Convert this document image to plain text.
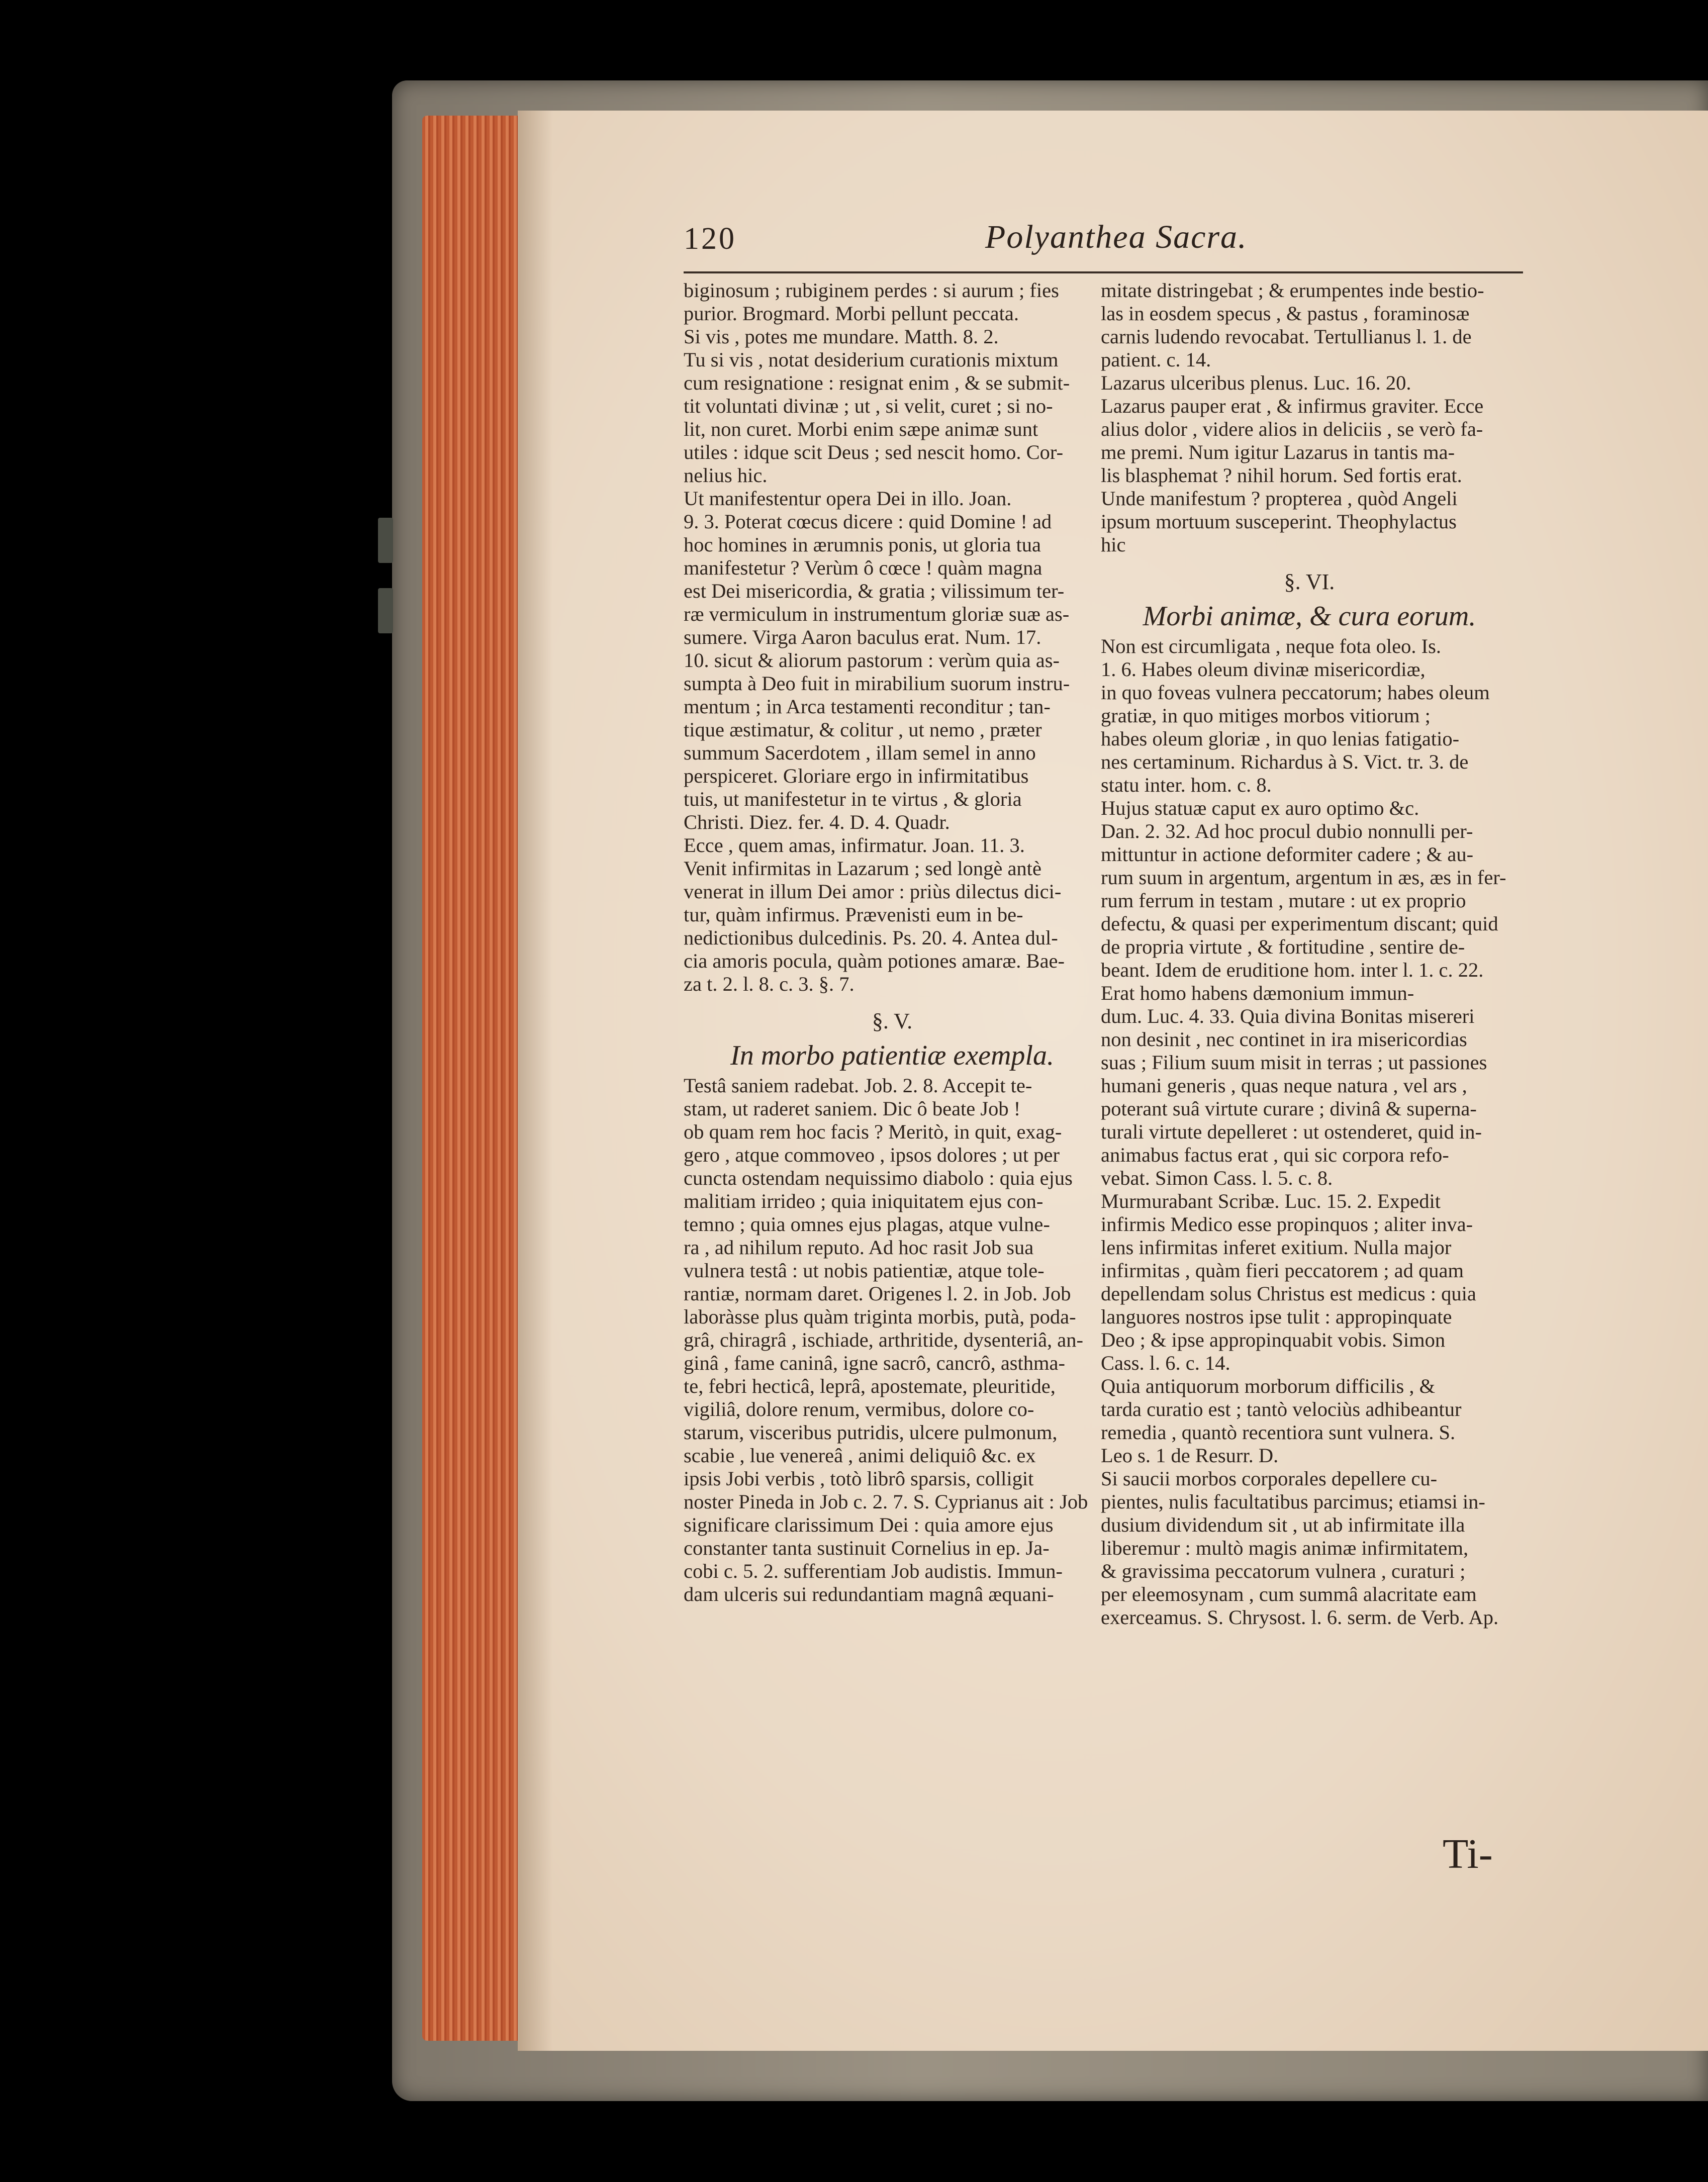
120	Polyanthea Sacra.
biginosum ; rubiginem perdes : si aurum ; fies
purior. Brogmard. Morbi pellunt peccata.
Si vis , potes me mundare. Matth. 8. 2.
Tu si vis , notat desiderium curationis mixtum
cum resignatione : resignat enim , & se submit-
tit voluntati divinæ ; ut , si velit, curet ; si no-
lit, non curet. Morbi enim sæpe animæ sunt
utiles : idque scit Deus ; sed nescit homo. Cor-
nelius hic.
Ut manifestentur opera Dei in illo. Joan.
9. 3. Poterat cœcus dicere : quid Domine ! ad
hoc homines in ærumnis ponis, ut gloria tua
manifestetur ? Verùm ô cœce ! quàm magna
est Dei misericordia, & gratia ; vilissimum ter-
ræ vermiculum in instrumentum gloriæ suæ as-
sumere. Virga Aaron baculus erat. Num. 17.
10. sicut & aliorum pastorum : verùm quia as-
sumpta à Deo fuit in mirabilium suorum instru-
mentum ; in Arca testamenti reconditur ; tan-
tique æstimatur, & colitur , ut nemo , præter
summum Sacerdotem , illam semel in anno
perspiceret. Gloriare ergo in infirmitatibus
tuis, ut manifestetur in te virtus , & gloria
Christi. Diez. fer. 4. D. 4. Quadr.
Ecce , quem amas, infirmatur. Joan. 11. 3.
Venit infirmitas in Lazarum ; sed longè antè
venerat in illum Dei amor : priùs dilectus dici-
tur, quàm infirmus. Prævenisti eum in be-
nedictionibus dulcedinis. Ps. 20. 4. Antea dul-
cia amoris pocula, quàm potiones amaræ. Bae-
za t. 2. l. 8. c. 3. §. 7.
§. V.
In morbo patientiæ exempla.
Testâ saniem radebat. Job. 2. 8. Accepit te-
stam, ut raderet saniem. Dic ô beate Job !
ob quam rem hoc facis ? Meritò, in quit, exag-
gero , atque commoveo , ipsos dolores ; ut per
cuncta ostendam nequissimo diabolo : quia ejus
malitiam irrideo ; quia iniquitatem ejus con-
temno ; quia omnes ejus plagas, atque vulne-
ra , ad nihilum reputo. Ad hoc rasit Job sua
vulnera testâ : ut nobis patientiæ, atque tole-
rantiæ, normam daret. Origenes l. 2. in Job. Job
laboràsse plus quàm triginta morbis, putà, poda-
grâ, chiragrâ , ischiade, arthritide, dysenteriâ, an-
ginâ , fame caninâ, igne sacrô, cancrô, asthma-
te, febri hecticâ, leprâ, apostemate, pleuritide,
vigiliâ, dolore renum, vermibus, dolore co-
starum, visceribus putridis, ulcere pulmonum,
scabie , lue venereâ , animi deliquiô &c. ex
ipsis Jobi verbis , totò librô sparsis, colligit
noster Pineda in Job c. 2. 7. S. Cyprianus ait : Job
significare clarissimum Dei : quia amore ejus
constanter tanta sustinuit Cornelius in ep. Ja-
cobi c. 5. 2. sufferentiam Job audistis. Immun-
dam ulceris sui redundantiam magnâ æquani-
mitate distringebat ; & erumpentes inde bestio-
las in eosdem specus , & pastus , foraminosæ
carnis ludendo revocabat. Tertullianus l. 1. de
patient. c. 14.
Lazarus ulceribus plenus. Luc. 16. 20.
Lazarus pauper erat , & infirmus graviter. Ecce
alius dolor , videre alios in deliciis , se verò fa-
me premi. Num igitur Lazarus in tantis ma-
lis blasphemat ? nihil horum. Sed fortis erat.
Unde manifestum ? propterea , quòd Angeli
ipsum mortuum susceperint. Theophylactus
hic
§. VI.
Morbi animæ, & cura eorum.
Non est circumligata , neque fota oleo. Is.
1. 6. Habes oleum divinæ misericordiæ,
in quo foveas vulnera peccatorum; habes oleum
gratiæ, in quo mitiges morbos vitiorum ;
habes oleum gloriæ , in quo lenias fatigatio-
nes certaminum. Richardus à S. Vict. tr. 3. de
statu inter. hom. c. 8.
Hujus statuæ caput ex auro optimo &c.
Dan. 2. 32. Ad hoc procul dubio nonnulli per-
mittuntur in actione deformiter cadere ; & au-
rum suum in argentum, argentum in æs, æs in fer-
rum ferrum in testam , mutare : ut ex proprio
defectu, & quasi per experimentum discant; quid
de propria virtute , & fortitudine , sentire de-
beant. Idem de eruditione hom. inter l. 1. c. 22.
Erat homo habens dæmonium immun-
dum. Luc. 4. 33. Quia divina Bonitas misereri
non desinit , nec continet in ira misericordias
suas ; Filium suum misit in terras ; ut passiones
humani generis , quas neque natura , vel ars ,
poterant suâ virtute curare ; divinâ & superna-
turali virtute depelleret : ut ostenderet, quid in-
animabus factus erat , qui sic corpora refo-
vebat. Simon Cass. l. 5. c. 8.
Murmurabant Scribæ. Luc. 15. 2. Expedit
infirmis Medico esse propinquos ; aliter inva-
lens infirmitas inferet exitium. Nulla major
infirmitas , quàm fieri peccatorem ; ad quam
depellendam solus Christus est medicus : quia
languores nostros ipse tulit : appropinquate
Deo ; & ipse appropinquabit vobis. Simon
Cass. l. 6. c. 14.
Quia antiquorum morborum difficilis , &
tarda curatio est ; tantò velociùs adhibeantur
remedia , quantò recentiora sunt vulnera. S.
Leo s. 1 de Resurr. D.
Si saucii morbos corporales depellere cu-
pientes, nulis facultatibus parcimus; etiamsi in-
dusium dividendum sit , ut ab infirmitate illa
liberemur : multò magis animæ infirmitatem,
& gravissima peccatorum vulnera , curaturi ;
per eleemosynam , cum summâ alacritate eam
exerceamus. S. Chrysost. l. 6. serm. de Verb. Ap.
Ti-
